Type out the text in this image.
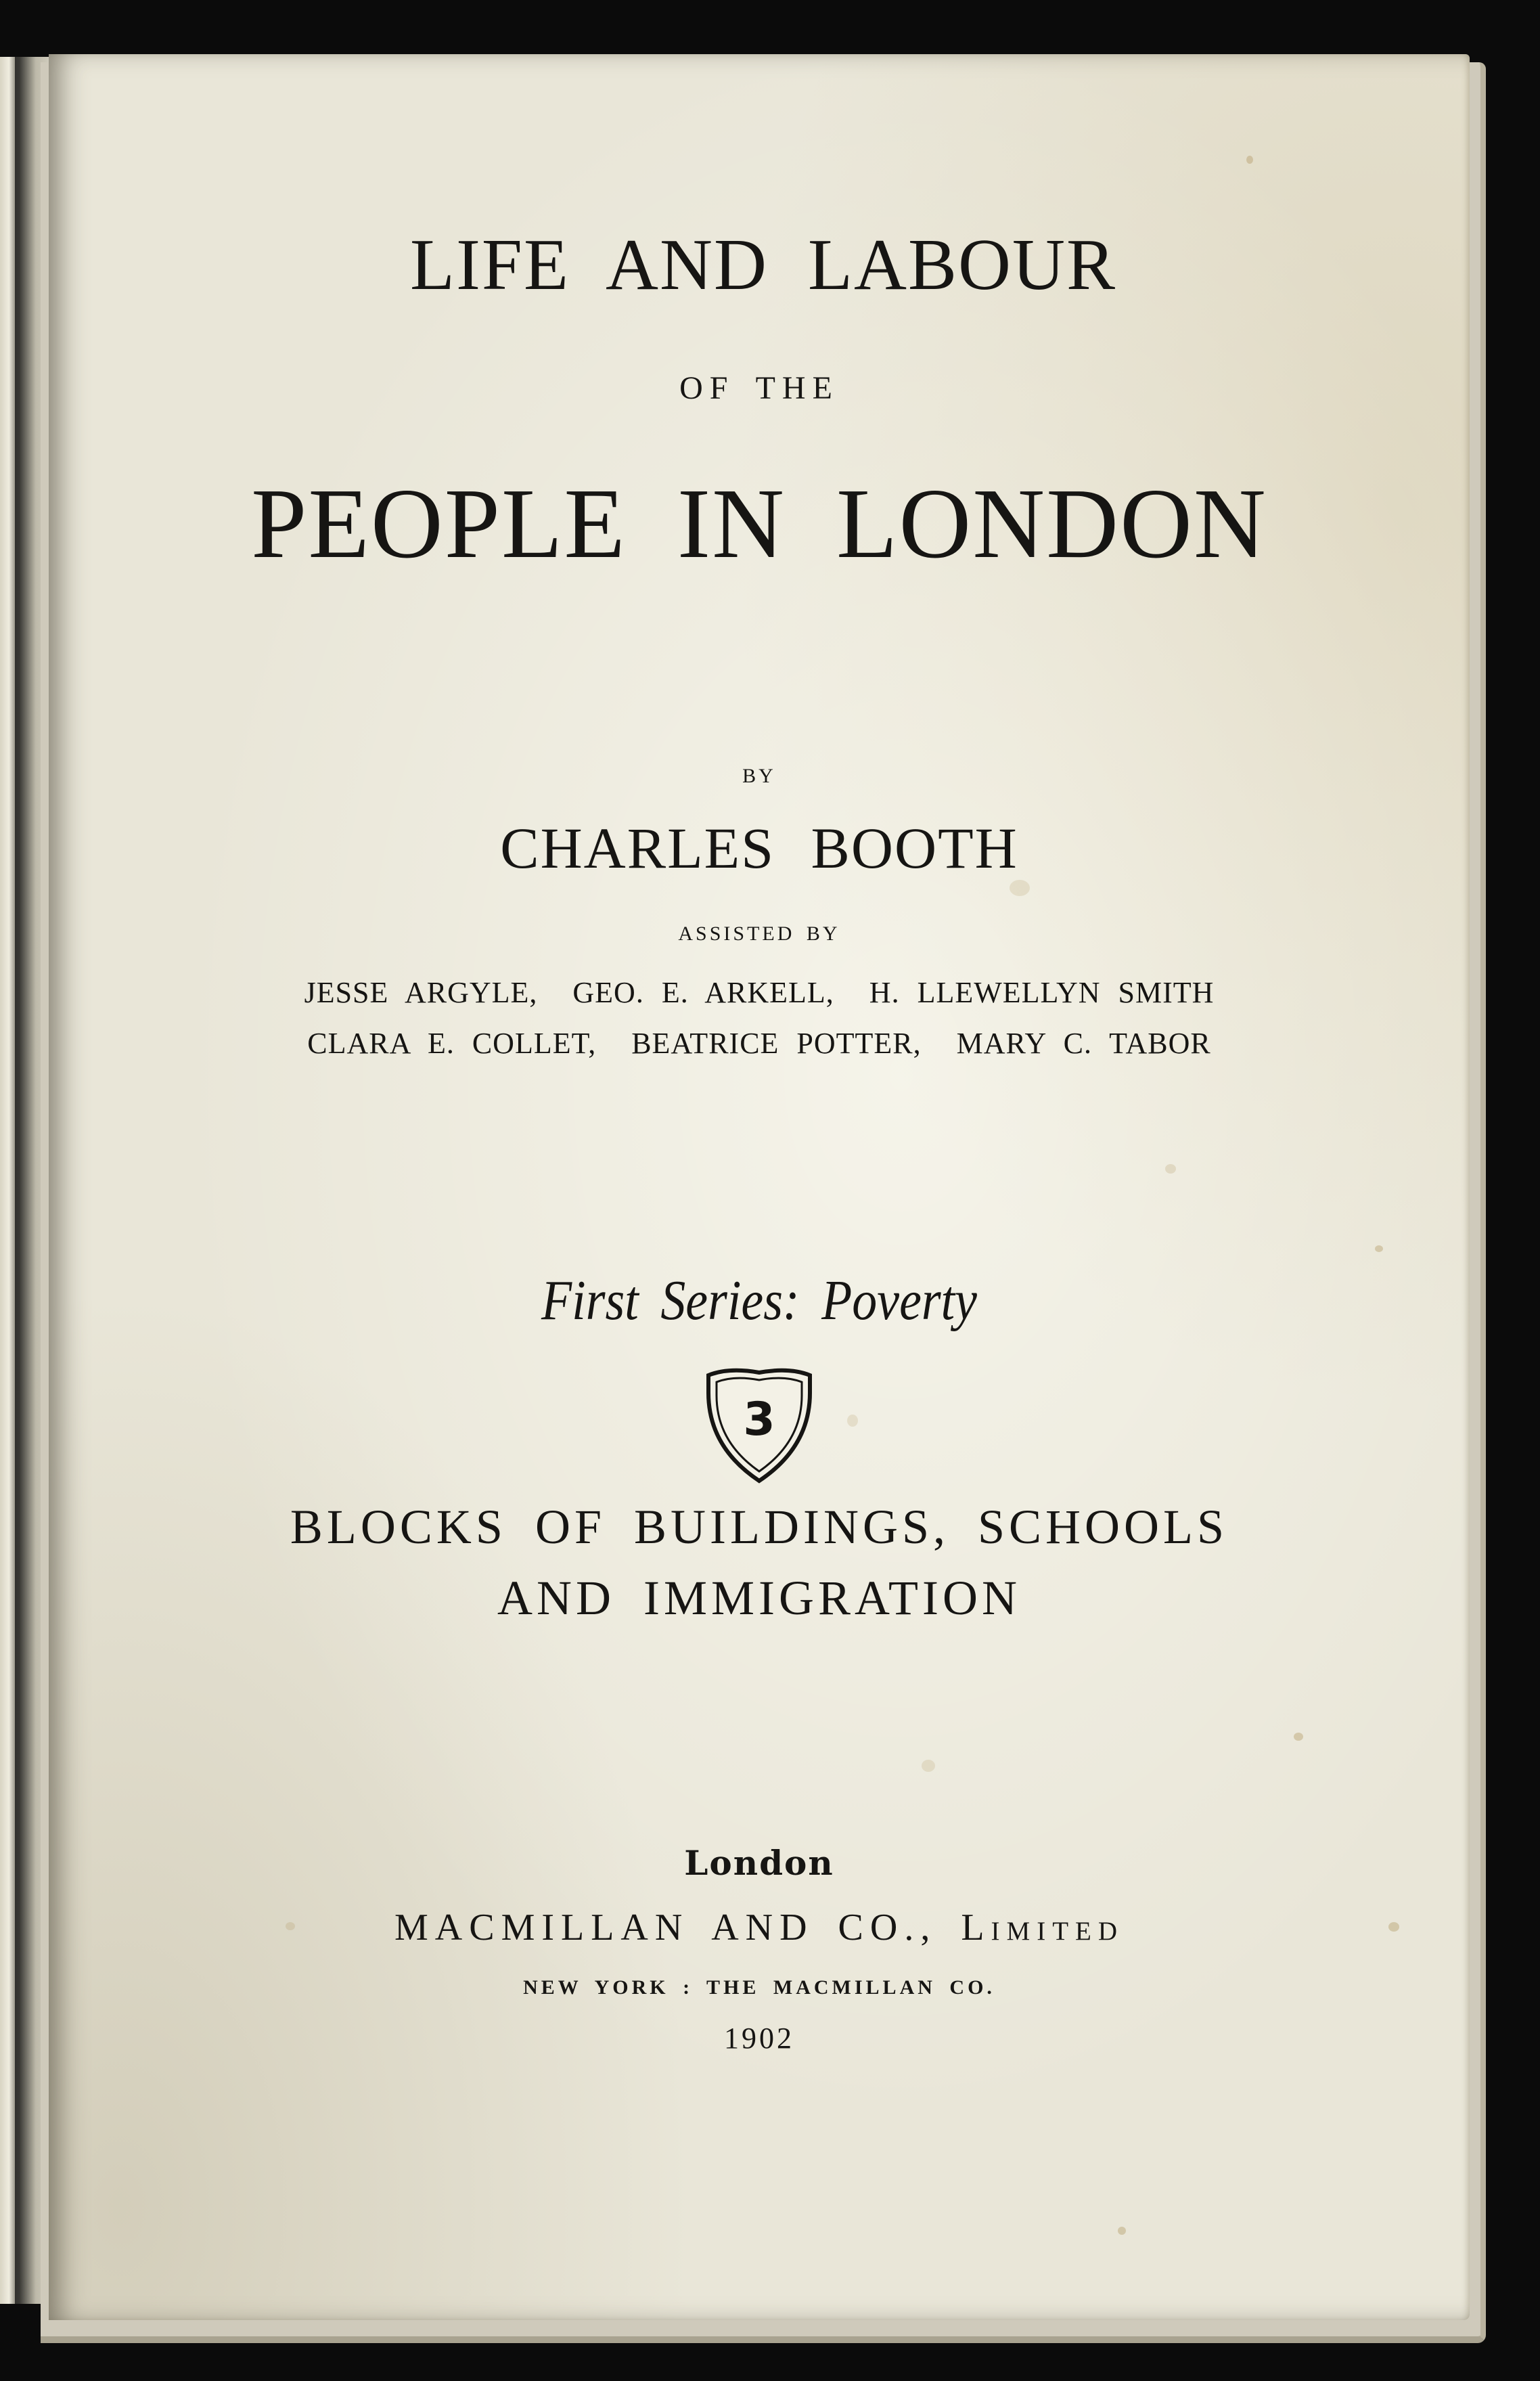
LIFE AND LABOUR
OF THE
PEOPLE IN LONDON
BY
CHARLES BOOTH
ASSISTED BY
JESSE ARGYLE,  GEO. E. ARKELL,  H. LLEWELLYN SMITH
CLARA E. COLLET,  BEATRICE POTTER,  MARY C. TABOR
First Series: Poverty
3
BLOCKS OF BUILDINGS, SCHOOLS
AND IMMIGRATION
London
MACMILLAN AND CO., Limited
NEW YORK : THE MACMILLAN CO.
1902
